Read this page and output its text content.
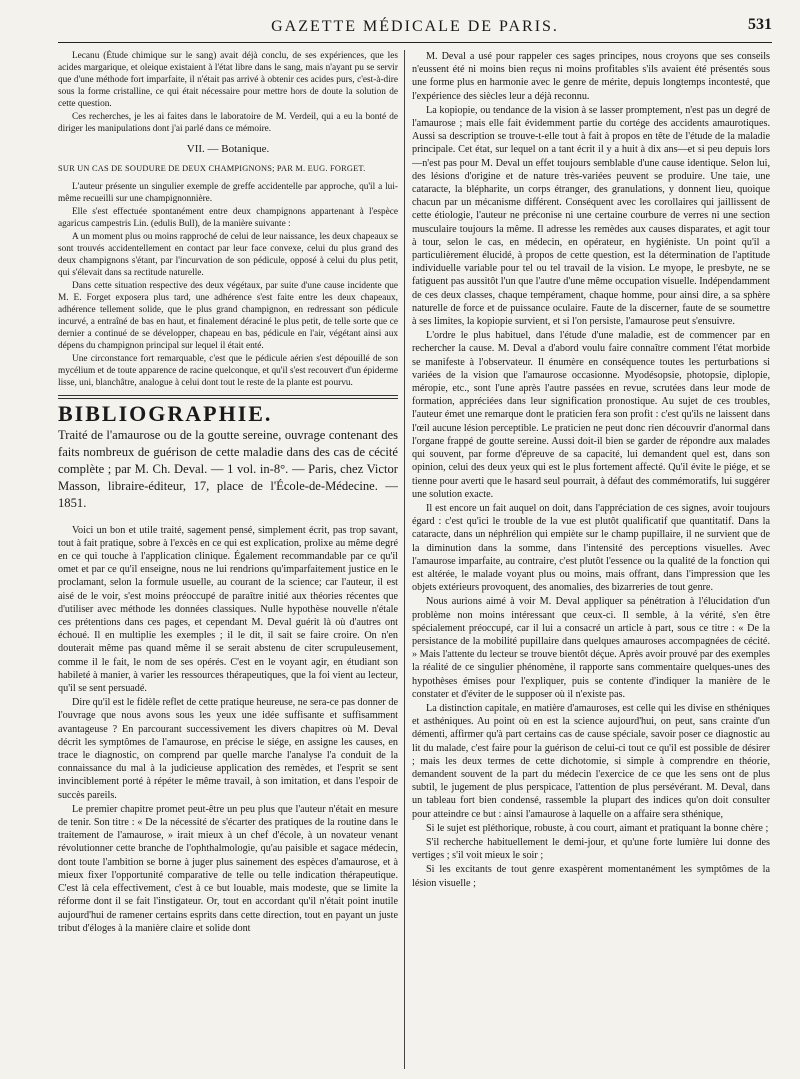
GAZETTE MÉDICALE DE PARIS.	531

Lecanu (Étude chimique sur le sang) avait déjà conclu, de ses expériences, que les acides margarique, et oleique existaient à l'état libre dans le sang, mais n'ayant pu se servir que d'une méthode fort imparfaite, il n'était pas arrivé à obtenir ces acides purs, c'est-à-dire sous la forme cristalline, ce qui était nécessaire pour mettre hors de doute la solution de cette question.

Ces recherches, je les ai faites dans le laboratoire de M. Verdeil, qui a eu la bonté de diriger les manipulations dont j'ai parlé dans ce mémoire.

VII. — Botanique.

SUR UN CAS DE SOUDURE DE DEUX CHAMPIGNONS; PAR M. EUG. FORGET.

L'auteur présente un singulier exemple de greffe accidentelle par approche, qu'il a lui-même recueilli sur une champignonnière.

Elle s'est effectuée spontanément entre deux champignons appartenant à l'espèce agaricus campestris Lin. (edulis Bull), de la manière suivante :

A un moment plus ou moins rapproché de celui de leur naissance, les deux chapeaux se sont trouvés accidentellement en contact par leur face convexe, celui du plus grand des deux champignons s'étant, par l'incurvation de son pédicule, opposé à celui du plus petit, qui s'élevait dans sa rectitude naturelle.

Dans cette situation respective des deux végétaux, par suite d'une cause incidente que M. E. Forget exposera plus tard, une adhérence s'est faite entre les deux chapeaux, adhérence tellement solide, que le plus grand champignon, en redressant son pédicule incurvé, a entraîné de bas en haut, et finalement déraciné le plus petit, de telle sorte que ce dernier a continué de se développer, chapeau en bas, pédicule en l'air, végétant ainsi aux dépens du champignon principal sur lequel il était enté.

Une circonstance fort remarquable, c'est que le pédicule aérien s'est dépouillé de son mycélium et de toute apparence de racine quelconque, et qu'il s'est recouvert d'un épiderme lisse, uni, blanchâtre, analogue à celui dont tout le reste de la plante est pourvu.

BIBLIOGRAPHIE.

Traité de l'amaurose ou de la goutte sereine, ouvrage contenant des faits nombreux de guérison de cette maladie dans des cas de cécité complète ; par M. Ch. Deval. — 1 vol. in-8°. — Paris, chez Victor Masson, libraire-éditeur, 17, place de l'École-de-Médecine. — 1851.

Voici un bon et utile traité, sagement pensé, simplement écrit, pas trop savant, tout à fait pratique, sobre à l'excès en ce qui est explication, prolixe au même degré en ce qui touche à l'application clinique. Également recommandable par ce qu'il omet et par ce qu'il enseigne, nous ne lui rendrions qu'imparfaitement justice en le proclamant, selon la formule usuelle, au courant de la science; car l'auteur, il est aisé de le voir, s'est moins préoccupé de paraître initié aux théories récentes que d'utiliser avec méthode les données classiques. Nulle hypothèse nouvelle n'étale ces prétentions dans ces pages, et cependant M. Deval guérit là où d'autres ont échoué. Il en multiplie les exemples ; il le dit, il sait se faire croire. On n'en douterait même pas quand même il se serait abstenu de citer scrupuleusement, comme il le fait, le nom de ses opérés. C'est en le voyant agir, en étudiant son habileté à manier, à varier les ressources thérapeutiques, que la foi vient au lecteur, qu'il se sent persuadé.

Dire qu'il est le fidèle reflet de cette pratique heureuse, ne sera-ce pas donner de l'ouvrage que nous avons sous les yeux une idée suffisante et suffisamment avantageuse ? En parcourant successivement les divers chapitres où M. Deval décrit les symptômes de l'amaurose, en précise le siége, en assigne les causes, en trace le diagnostic, on comprend par quelle marche l'analyse l'a conduit de la connaissance du mal à la judicieuse application des remèdes, et l'esprit se sent invinciblement porté à répéter le même travail, à son imitation, et dans l'espoir de succès pareils.

Le premier chapitre promet peut-être un peu plus que l'auteur n'était en mesure de tenir. Son titre : « De la nécessité de s'écarter des pratiques de la routine dans le traitement de l'amaurose, » irait mieux à un chef d'école, à un novateur venant révolutionner cette branche de l'ophthalmologie, qu'au paisible et sagace médecin, dont toute l'ambition se borne à juger plus sainement des espèces d'amaurose, et à mieux fixer l'opportunité comparative de telle ou telle indication thérapeutique. C'est là cela effectivement, c'est à ce but louable, mais modeste, que se limite la réforme dont il se fait l'instigateur. Or, tout en accordant qu'il n'était point inutile aujourd'hui de ramener certains esprits dans cette direction, tout en payant un juste tribut d'éloges à la manière claire et solide dont

M. Deval a usé pour rappeler ces sages principes, nous croyons que ses conseils n'eussent été ni moins bien reçus ni moins profitables s'ils avaient été présentés sous une forme plus en harmonie avec le genre de mérite, depuis longtemps incontesté, que l'expérience des siècles leur a déjà reconnu.

La kopiopie, ou tendance de la vision à se lasser promptement, n'est pas un degré de l'amaurose ; mais elle fait évidemment partie du cortége des accidents amaurotiques. Aussi sa description se trouve-t-elle tout à fait à propos en tête de l'étude de la maladie principale. Cet état, sur lequel on a tant écrit il y a huit à dix ans—et si peu depuis lors—n'est pas pour M. Deval un effet toujours semblable d'une cause identique. Selon lui, des lésions d'origine et de nature très-variées peuvent se produire. Une taie, une cataracte, la blépharite, un corps étranger, des granulations, y donnent lieu, quoique chacun par un mécanisme différent. Conséquent avec les corollaires qui jaillissent de cette étiologie, l'auteur ne préconise ni une certaine courbure de verres ni une section musculaire toujours la même. Il adresse les remèdes aux causes disparates, et agit tour à tour, selon le cas, en médecin, en opérateur, en hygiéniste. Un point qu'il a particulièrement élucidé, à propos de cette question, est la détermination de l'aptitude individuelle variable pour tel ou tel travail de la vision. Le myope, le presbyte, ne se fatiguent pas aussitôt l'un que l'autre d'une même occupation visuelle. Indépendamment de ces deux classes, chaque tempérament, chaque homme, pour ainsi dire, a sa sphère naturelle de force et de puissance oculaire. Faute de la discerner, faute de se soumettre à ses limites, la kopiopie survient, et si l'on persiste, l'amaurose peut s'ensuivre.

L'ordre le plus habituel, dans l'étude d'une maladie, est de commencer par en rechercher la cause. M. Deval a d'abord voulu faire connaître comment l'état morbide se manifeste à l'observateur. Il énumère en conséquence toutes les perturbations si variées de la vision que l'amaurose occasionne. Myodésopsie, photopsie, diplopie, méropie, etc., sont l'une après l'autre passées en revue, scrutées dans leur mode de formation, appréciées dans leur signification pronostique. Au sujet de ces troubles, l'auteur émet une remarque dont le praticien fera son profit : c'est qu'ils ne laissent dans l'œil aucune lésion perceptible. Le praticien ne peut donc rien découvrir d'anormal dans l'organe frappé de goutte sereine. Aussi doit-il bien se garder de répondre aux malades qui souvent, par forme d'épreuve de sa capacité, lui demandent quel est, dans son opinion, celui des deux yeux qui est le plus fortement affecté. Qu'il évite le piége, et se tienne pour averti que le hasard seul pourrait, à défaut des commémoratifs, lui suggérer une solution exacte.

Il est encore un fait auquel on doit, dans l'appréciation de ces signes, avoir toujours égard : c'est qu'ici le trouble de la vue est plutôt qualificatif que quantitatif. Dans la cataracte, dans un néphrélion qui empiète sur le champ pupillaire, il ne survient que de la diminution dans la somme, dans l'intensité des perceptions visuelles. Avec l'amaurose imparfaite, au contraire, c'est plutôt l'essence ou la qualité de la fonction qui est altérée, le malade voyant plus ou moins, mais offrant, dans l'impression que les objets extérieurs provoquent, des anomalies, des bizarreries de tout genre.

Nous aurions aimé à voir M. Deval appliquer sa pénétration à l'élucidation d'un problème non moins intéressant que ceux-ci. Il semble, à la vérité, s'en être spécialement préoccupé, car il lui a consacré un article à part, sous ce titre : « De la persistance de la mobilité pupillaire dans quelques amauroses accompagnées de cécité. » Mais l'attente du lecteur se trouve bientôt déçue. Après avoir prouvé par des exemples la réalité de ce singulier phénomène, il rapporte sans commentaire quelques-unes des hypothèses émises pour l'expliquer, puis se contente d'indiquer la manière de le constater et d'éviter de le supposer où il n'existe pas.

La distinction capitale, en matière d'amauroses, est celle qui les divise en sthéniques et asthéniques. Au point où en est la science aujourd'hui, on peut, sans crainte d'un démenti, affirmer qu'à part certains cas de cause spéciale, savoir poser ce diagnostic au lit du malade, c'est faire pour la guérison de celui-ci tout ce qu'il est possible de désirer ; mais les deux termes de cette dichotomie, si simple à comprendre en théorie, demandent souvent de la part du médecin l'exercice de ce que les sens ont de plus subtil, le jugement de plus perspicace, l'attention de plus persévérant. M. Deval, dans un tableau fort bien condensé, rassemble la plupart des indices qu'on doit consulter pour atteindre ce but : ainsi l'amaurose à laquelle on a affaire sera sthénique,

Si le sujet est pléthorique, robuste, à cou court, aimant et pratiquant la bonne chère ;

S'il recherche habituellement le demi-jour, et qu'une forte lumière lui donne des vertiges ; s'il voit mieux le soir ;

Si les excitants de tout genre exaspèrent momentanément les symptômes de la lésion visuelle ;
